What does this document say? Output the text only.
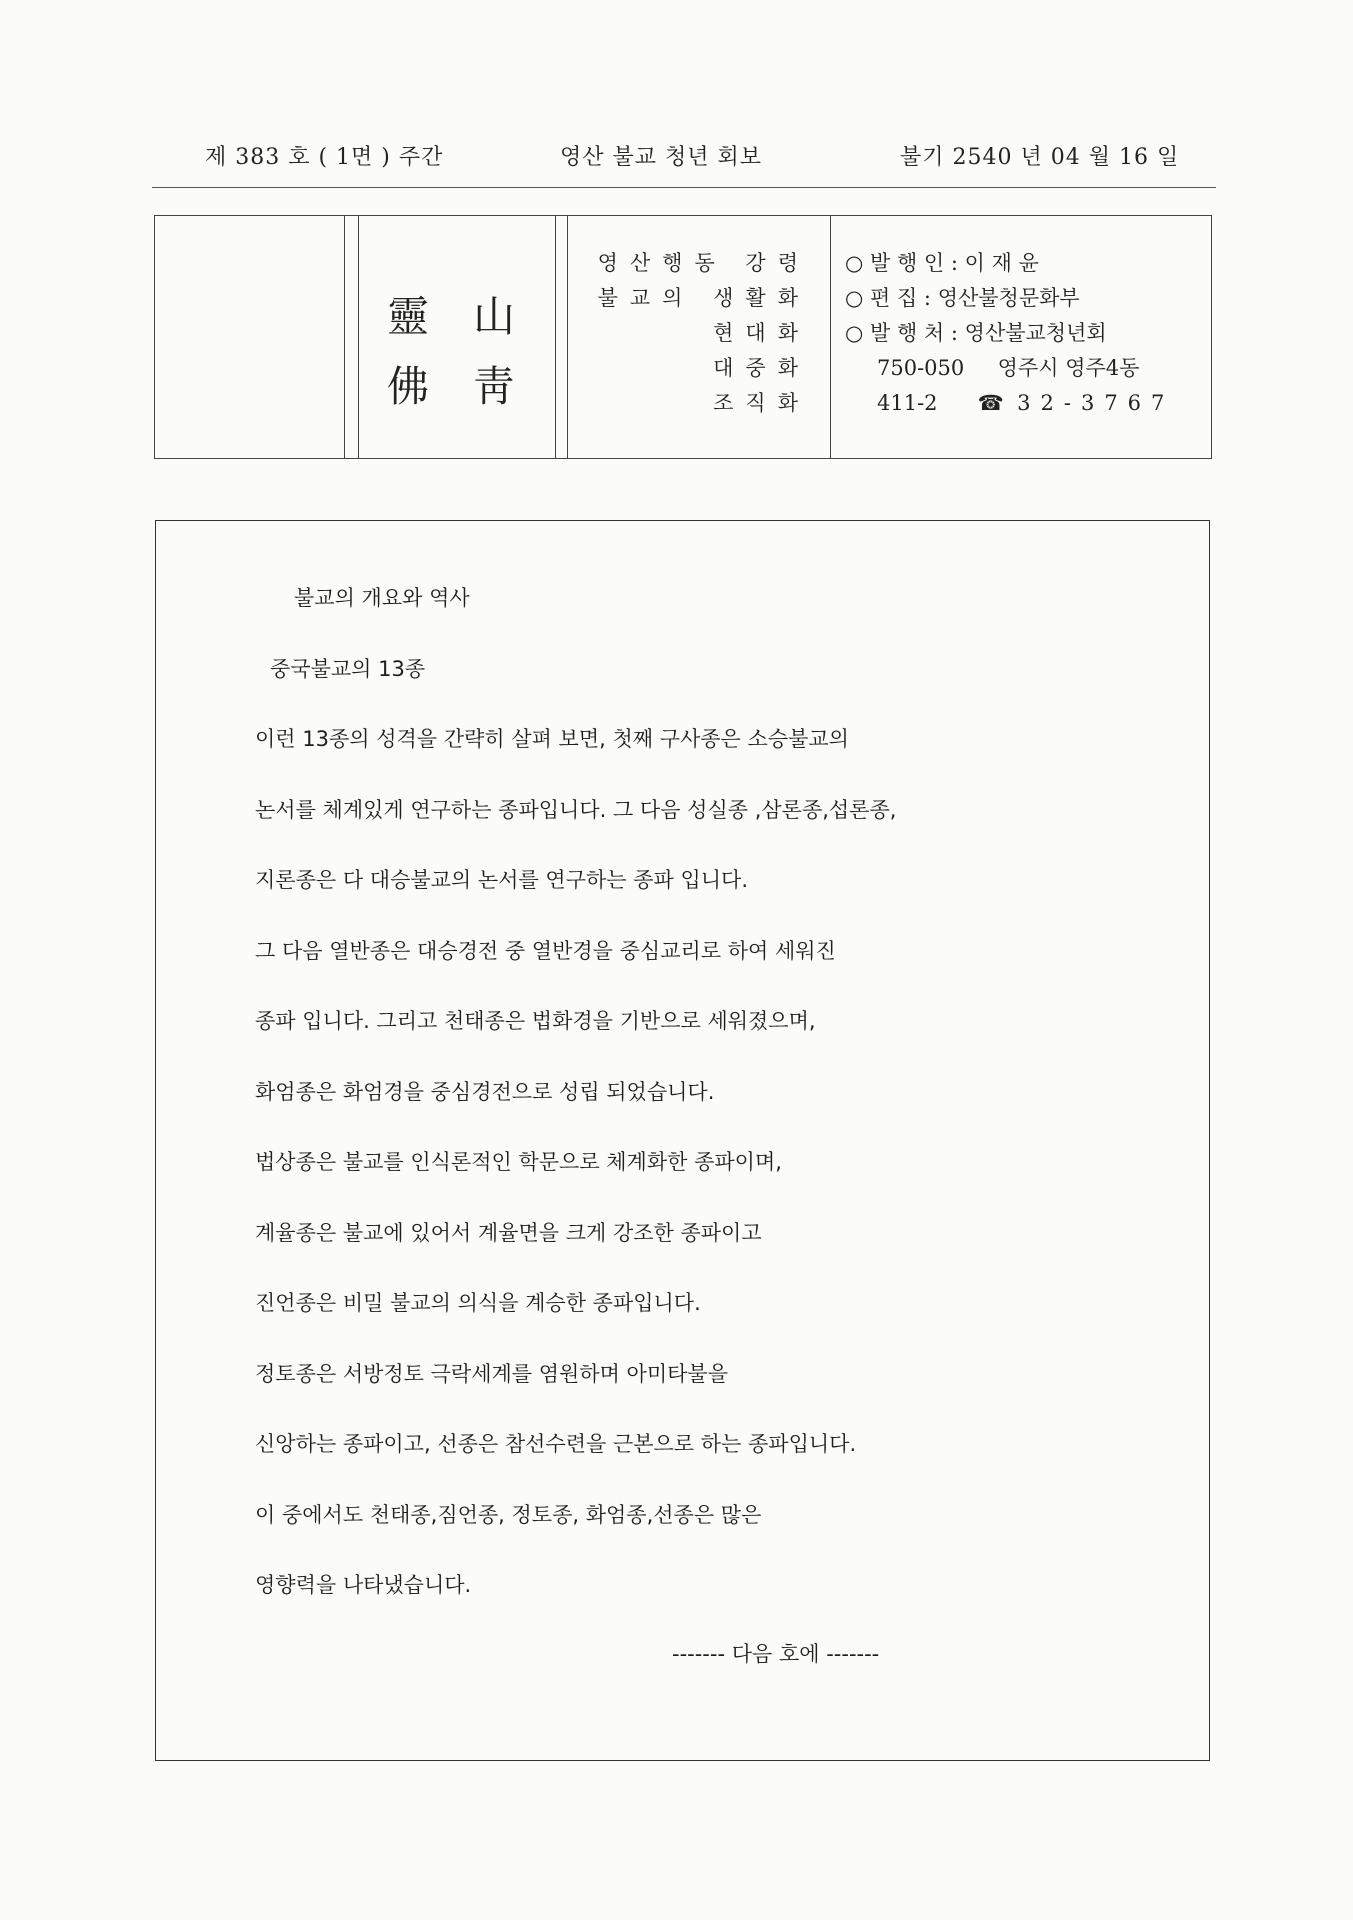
제 383 호 ( 1면 ) 주간	영산 불교 청년 회보	불기 2540 년 04 월 16 일
靈 山
佛 靑
영산행동 강령
불교의 생활화
현대화
대중화
조직화
○ 발 행 인 : 이 재 윤
○ 편 집 : 영산불청문화부
○ 발 행 처 : 영산불교청년회
750-050 영주시 영주4동
411-2 ☎ 32-3767
불교의 개요와 역사
중국불교의 13종
이런 13종의 성격을 간략히 살펴 보면, 첫째 구사종은 소승불교의
논서를 체계있게 연구하는 종파입니다. 그 다음 성실종 ,삼론종,섭론종,
지론종은 다 대승불교의 논서를 연구하는 종파 입니다.
그 다음 열반종은 대승경전 중 열반경을 중심교리로 하여 세워진
종파 입니다. 그리고 천태종은 법화경을 기반으로 세워졌으며,
화엄종은 화엄경을 중심경전으로 성립 되었습니다.
법상종은 불교를 인식론적인 학문으로 체계화한 종파이며,
계율종은 불교에 있어서 계율면을 크게 강조한 종파이고
진언종은 비밀 불교의 의식을 계승한 종파입니다.
정토종은 서방정토 극락세계를 염원하며 아미타불을
신앙하는 종파이고, 선종은 참선수련을 근본으로 하는 종파입니다.
이 중에서도 천태종,짐언종, 정토종, 화엄종,선종은 많은
영향력을 나타냈습니다.
------- 다음 호에 -------
